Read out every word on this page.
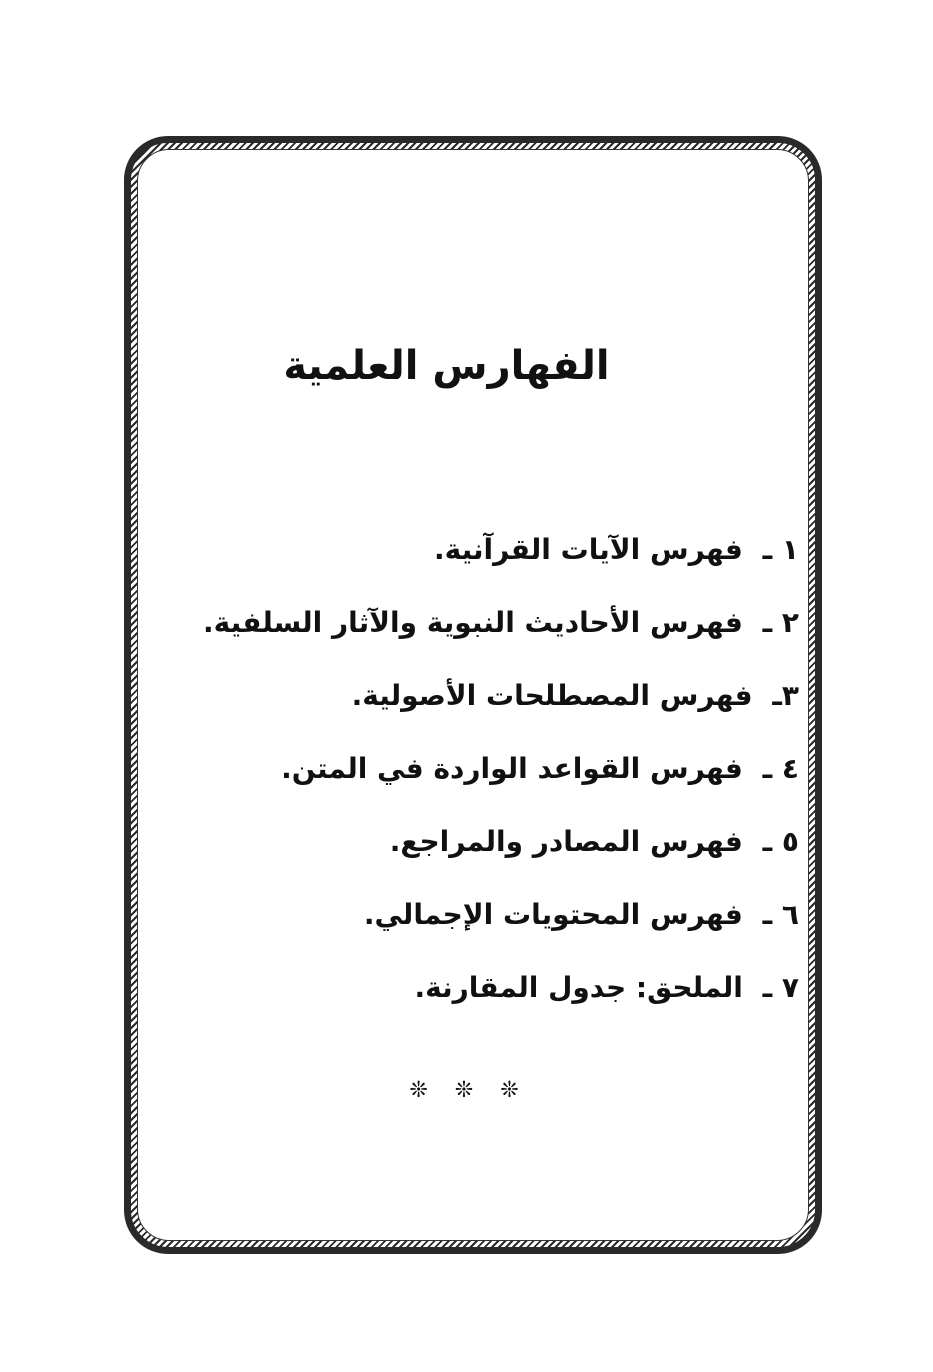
الفهارس العلمية
١ ـ فهرس الآيات القرآنية.
٢ ـ فهرس الأحاديث النبوية والآثار السلفية.
٣ـ فهرس المصطلحات الأصولية.
٤ ـ فهرس القواعد الواردة في المتن.
٥ ـ فهرس المصادر والمراجع.
٦ ـ فهرس المحتويات الإجمالي.
٧ ـ الملحق: جدول المقارنة.
❊ ❊ ❊
